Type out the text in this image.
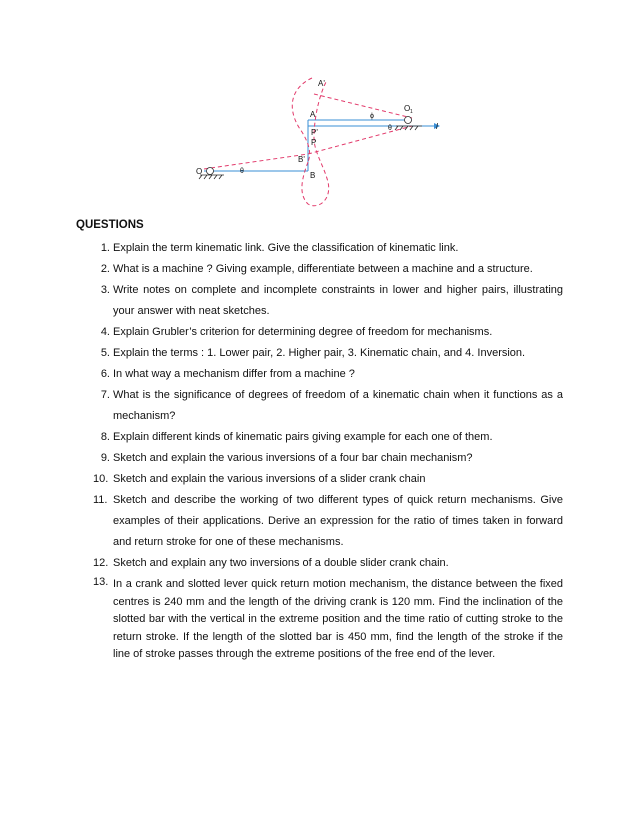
A'
A
O 1
ϕ
θ	l
P'
P
B'
B
O	θ
QUESTIONS
1. Explain the term kinematic link. Give the classification of kinematic link.
2. What is a machine ? Giving example, differentiate between a machine and a structure.
3. Write notes on complete and incomplete constraints in lower and higher pairs, illustrating your answer with neat sketches.
4. Explain Grubler’s criterion for determining degree of freedom for mechanisms.
5. Explain the terms : 1. Lower pair, 2. Higher pair, 3. Kinematic chain, and 4. Inversion.
6. In what way a mechanism differ from a machine ?
7. What is the significance of degrees of freedom of a kinematic chain when it functions as a mechanism?
8. Explain different kinds of kinematic pairs giving example for each one of them.
9. Sketch and explain the various inversions of a four bar chain mechanism?
10. Sketch and explain the various inversions of a slider crank chain
11. Sketch and describe the working of two different types of quick return mechanisms. Give examples of their applications. Derive an expression for the ratio of times taken in forward and return stroke for one of these mechanisms.
12. Sketch and explain any two inversions of a double slider crank chain.
13. In a crank and slotted lever quick return motion mechanism, the distance between the fixed centres is 240 mm and the length of the driving crank is 120 mm. Find the inclination of the slotted bar with the vertical in the extreme position and the time ratio of cutting stroke to the return stroke. If the length of the slotted bar is 450 mm, find the length of the stroke if the line of stroke passes through the extreme positions of the free end of the lever.
